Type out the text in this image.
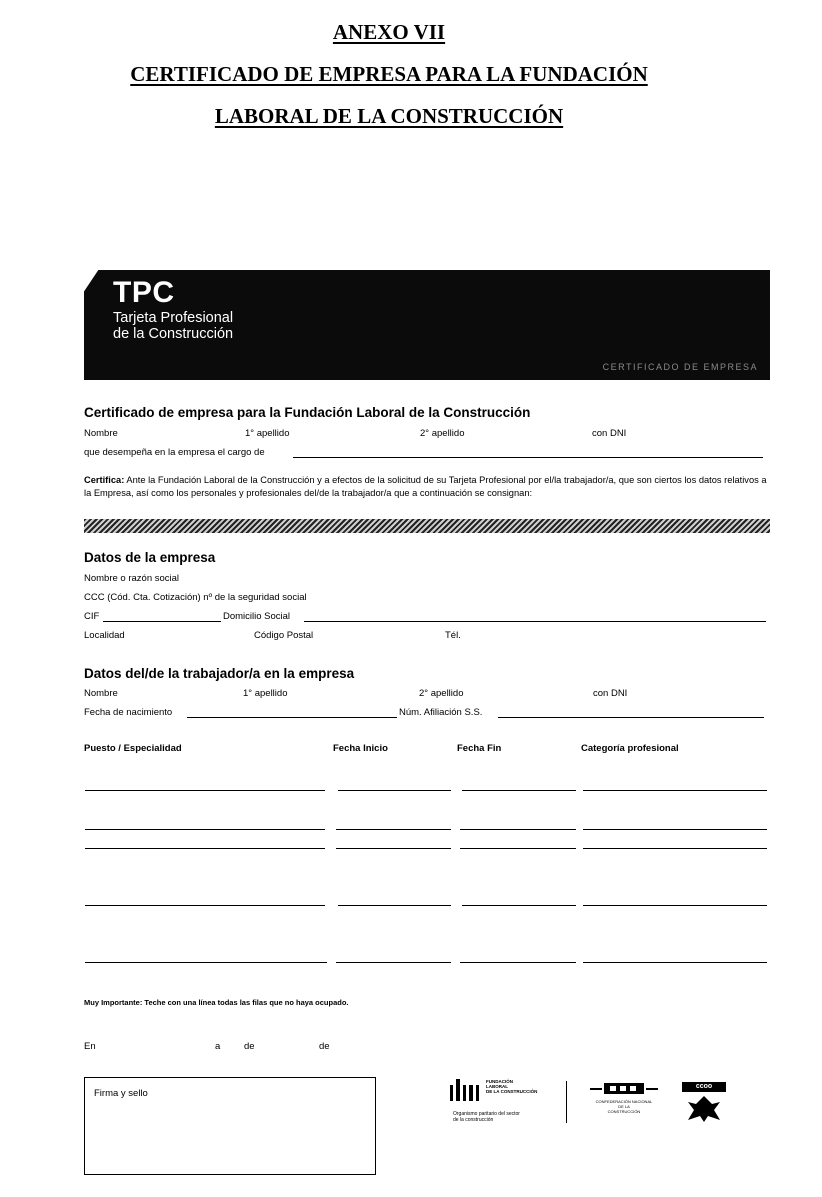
ANEXO VII
CERTIFICADO DE EMPRESA PARA LA FUNDACIÓN
LABORAL DE LA CONSTRUCCIÓN
TPC
Tarjeta Profesional
de la Construcción
CERTIFICADO DE EMPRESA
Certificado de empresa para la Fundación Laboral de la Construcción
Nombre	1° apellido	2° apellido	con DNI
que desempeña en la empresa el cargo de
Certifica: Ante la Fundación Laboral de la Construcción y a efectos de la solicitud de su Tarjeta Profesional por el/la trabajador/a, que son ciertos los datos relativos a la Empresa, así como los personales y profesionales del/de la trabajador/a que a continuación se consignan:
Datos de la empresa
Nombre o razón social
CCC (Cód. Cta. Cotización) nº de la seguridad social
CIF	Domicilio Social
Localidad	Código Postal	Tél.
Datos del/de la trabajador/a en la empresa
Nombre	1° apellido	2° apellido	con DNI
Fecha de nacimiento	Núm. Afiliación S.S.
Puesto / Especialidad	Fecha Inicio	Fecha Fin	Categoría profesional
Muy Importante: Teche con una línea todas las filas que no haya ocupado.
En	a de	de
Firma y sello
FUNDACIÓN
LABORAL
DE LA CONSTRUCCIÓN
Organismo paritario del sector
de la construcción
CONFEDERACIÓN NACIONAL
DE LA
CONSTRUCCIÓN
ccoo
